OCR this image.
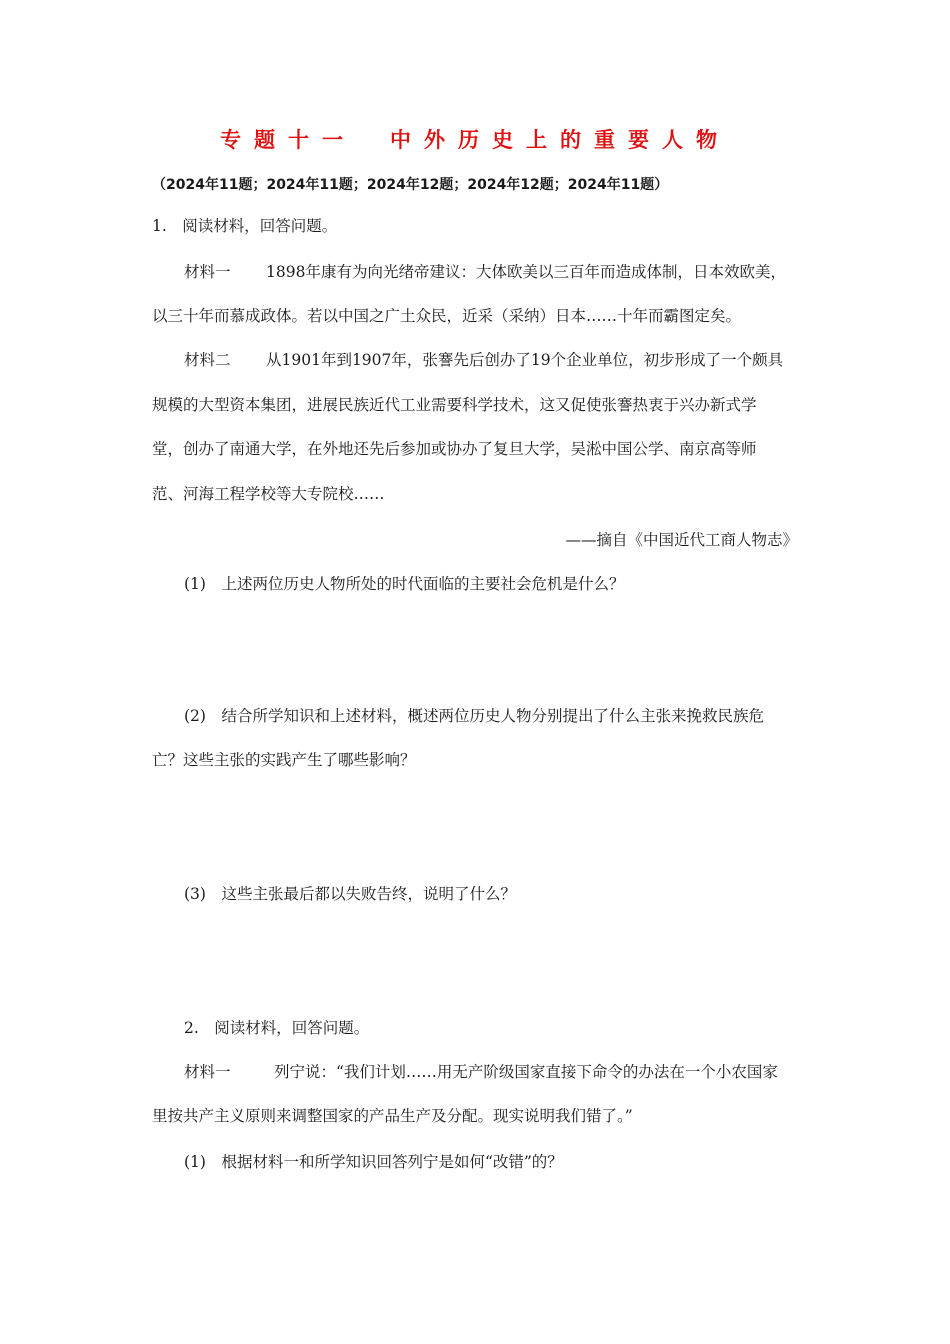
专题十一　中外历史上的重要人物
（2024年11题；2024年11题；2024年12题；2024年12题；2024年11题）
1.　阅读材料，回答问题。
材料一 1898年康有为向光绪帝建议：大体欧美以三百年而造成体制，日本效欧美，
以三十年而慕成政体。若以中国之广土众民，近采（采纳）日本……十年而霸图定矣。
材料二 从1901年到1907年，张謇先后创办了19个企业单位，初步形成了一个颇具
规模的大型资本集团，进展民族近代工业需要科学技术，这又促使张謇热衷于兴办新式学
堂，创办了南通大学，在外地还先后参加或协办了复旦大学，吴淞中国公学、南京高等师
范、河海工程学校等大专院校……
——摘自《中国近代工商人物志》
(1)　上述两位历史人物所处的时代面临的主要社会危机是什么？
(2)　结合所学知识和上述材料，概述两位历史人物分别提出了什么主张来挽救民族危
亡？这些主张的实践产生了哪些影响？
(3)　这些主张最后都以失败告终，说明了什么？
2.　阅读材料，回答问题。
材料一	列宁说：“我们计划……用无产阶级国家直接下命令的办法在一个小农国家
里按共产主义原则来调整国家的产品生产及分配。现实说明我们错了。”
(1)　根据材料一和所学知识回答列宁是如何“改错”的？
